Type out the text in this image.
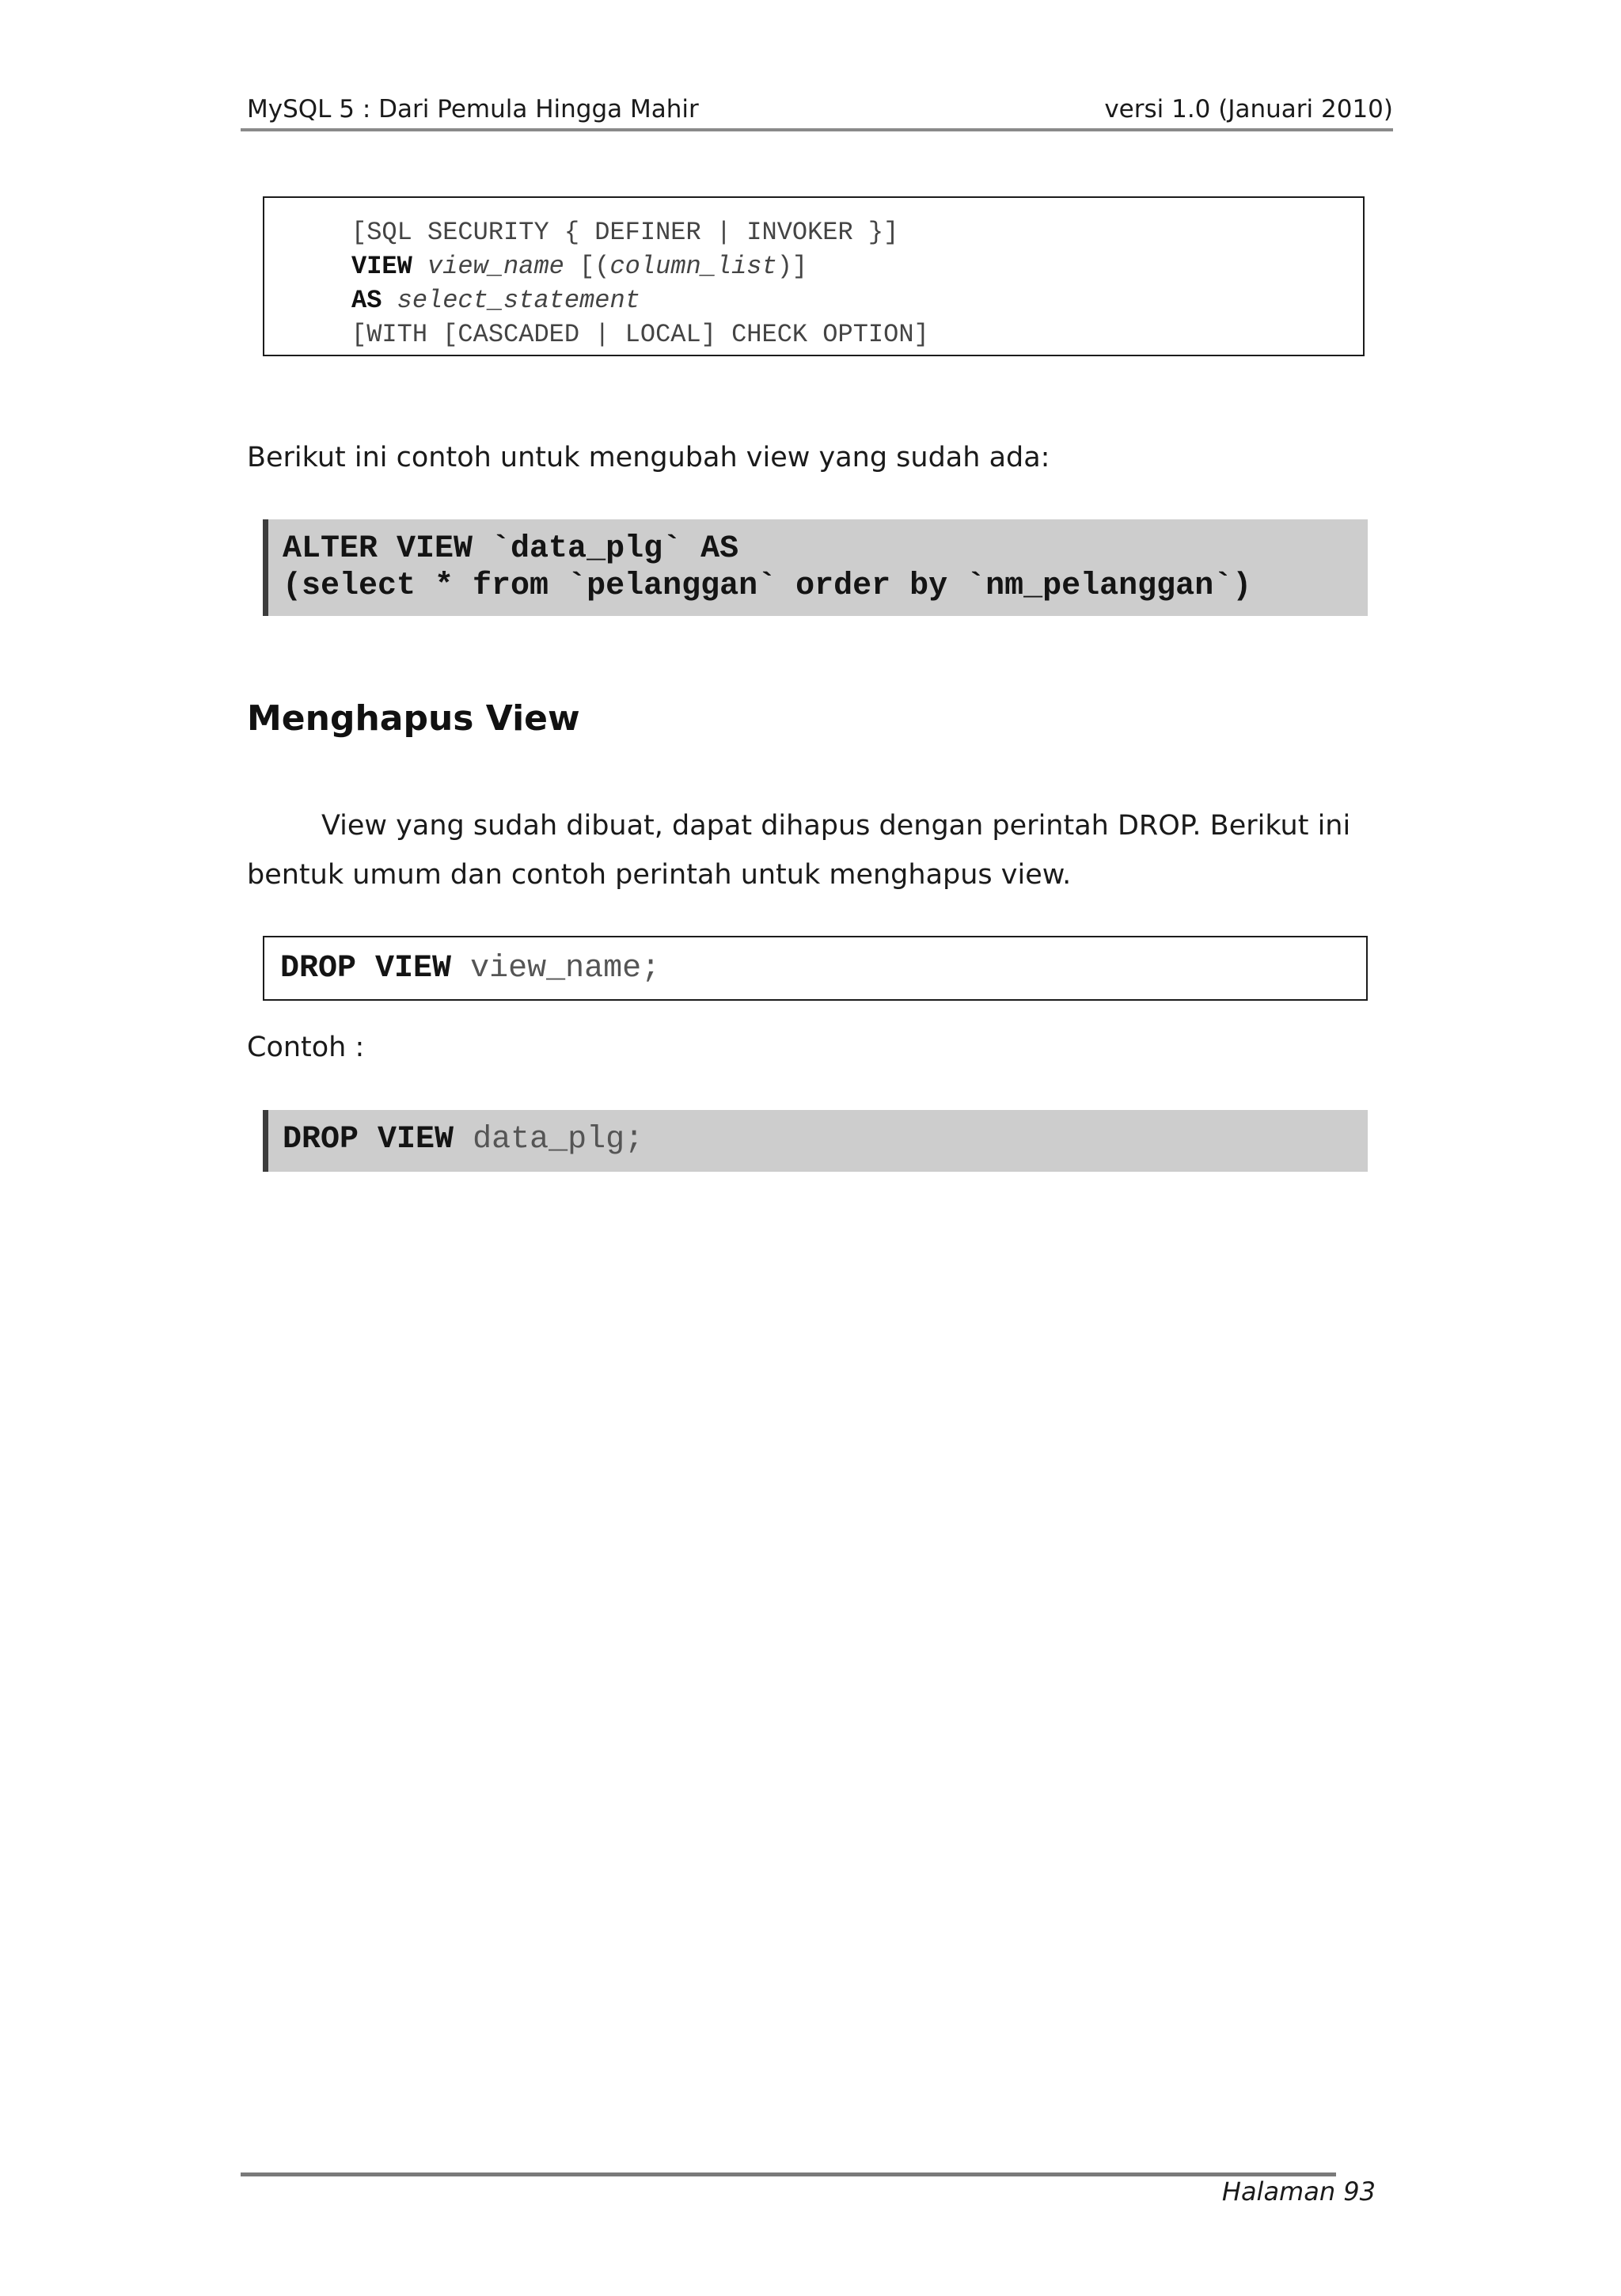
MySQL 5 : Dari Pemula Hingga Mahir	versi 1.0 (Januari 2010)
[SQL SECURITY { DEFINER | INVOKER }]
VIEW view_name [(column_list)]
AS select_statement
[WITH [CASCADED | LOCAL] CHECK OPTION]
Berikut ini contoh untuk mengubah view yang sudah ada:
ALTER VIEW `data_plg` AS
(select * from `pelanggan` order by `nm_pelanggan`)
Menghapus View
View yang sudah dibuat, dapat dihapus dengan perintah DROP. Berikut ini
bentuk umum dan contoh perintah untuk menghapus view.
DROP VIEW view_name;
Contoh :
DROP VIEW data_plg;
Halaman 93
